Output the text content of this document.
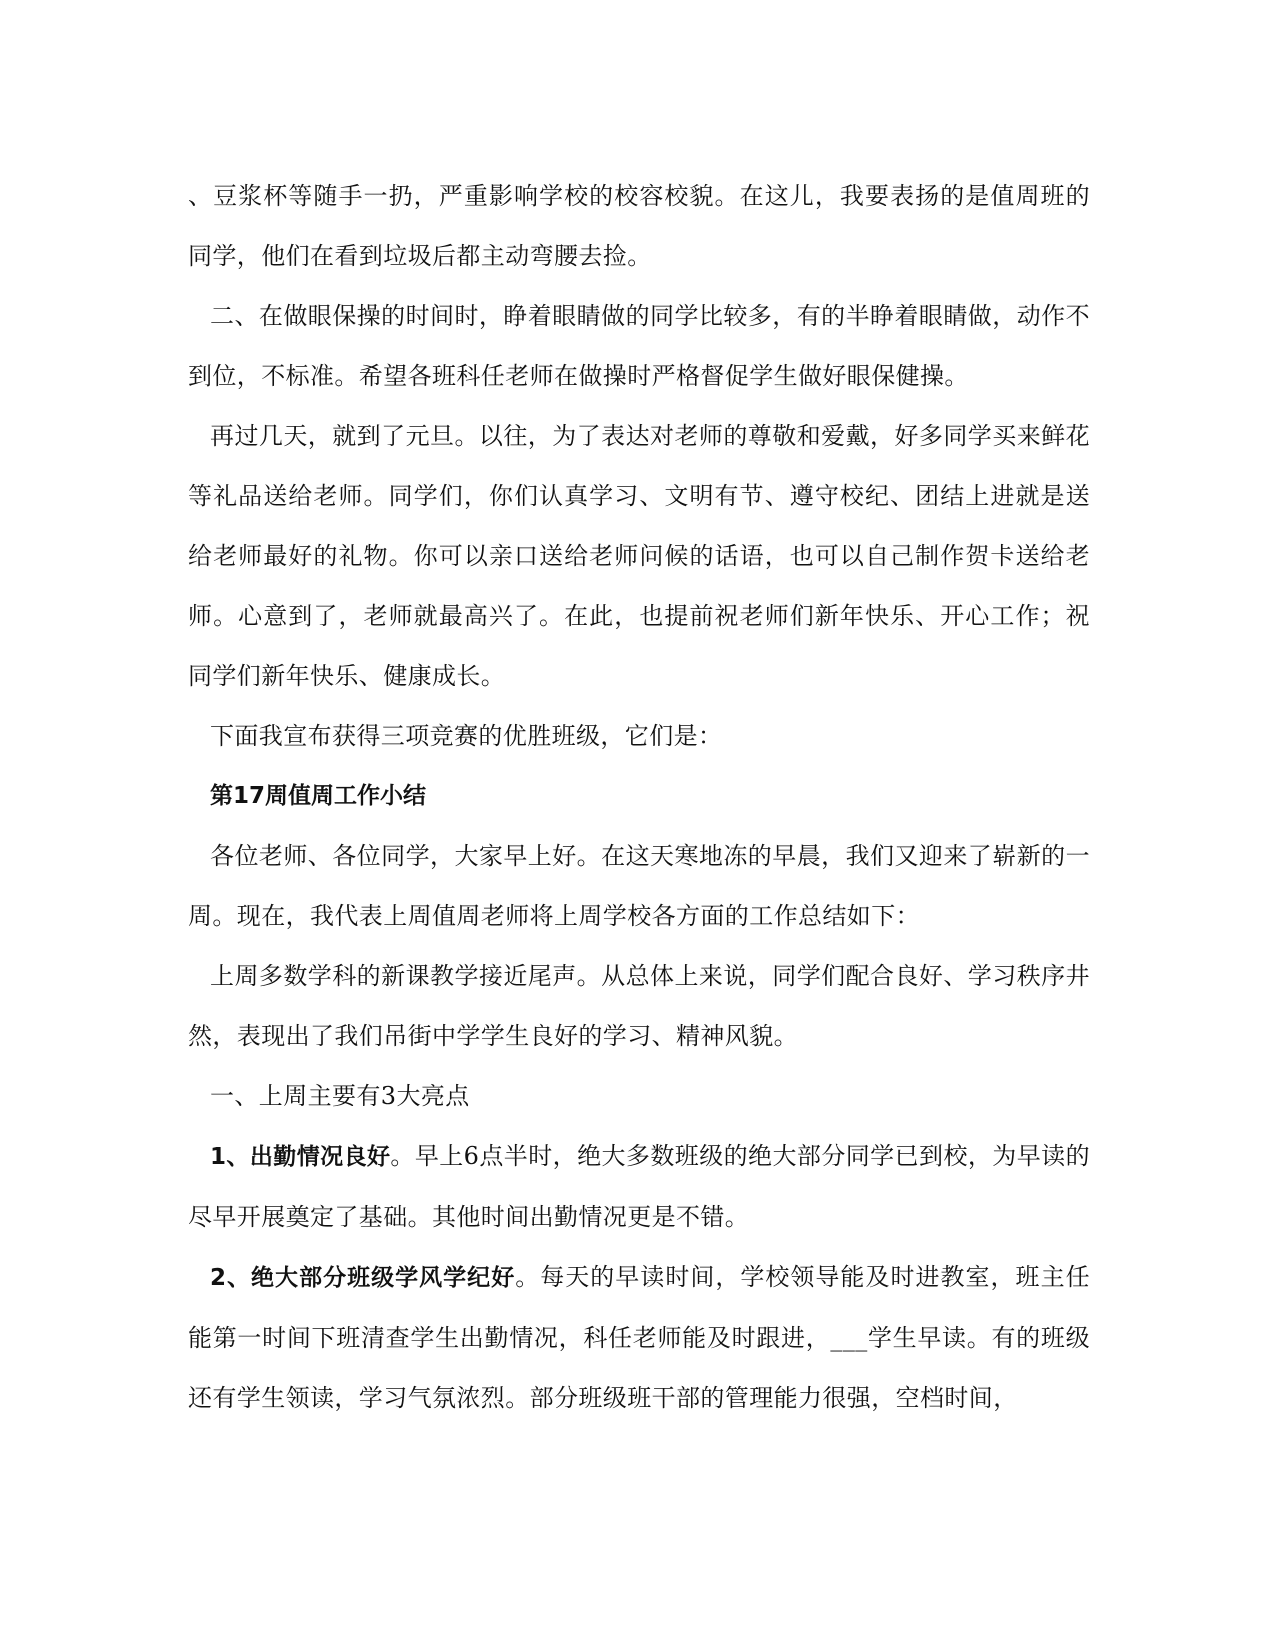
、豆浆杯等随手一扔，严重影响学校的校容校貌。在这儿，我要表扬的是值周班的同学，他们在看到垃圾后都主动弯腰去捡。

二、在做眼保操的时间时，睁着眼睛做的同学比较多，有的半睁着眼睛做，动作不到位，不标准。希望各班科任老师在做操时严格督促学生做好眼保健操。

再过几天，就到了元旦。以往，为了表达对老师的尊敬和爱戴，好多同学买来鲜花等礼品送给老师。同学们，你们认真学习、文明有节、遵守校纪、团结上进就是送给老师最好的礼物。你可以亲口送给老师问候的话语，也可以自己制作贺卡送给老师。心意到了，老师就最高兴了。在此，也提前祝老师们新年快乐、开心工作；祝同学们新年快乐、健康成长。

下面我宣布获得三项竞赛的优胜班级，它们是：

第17周值周工作小结

各位老师、各位同学，大家早上好。在这天寒地冻的早晨，我们又迎来了崭新的一周。现在，我代表上周值周老师将上周学校各方面的工作总结如下：

上周多数学科的新课教学接近尾声。从总体上来说，同学们配合良好、学习秩序井然，表现出了我们吊街中学学生良好的学习、精神风貌。

一、上周主要有3大亮点

1、出勤情况良好。早上6点半时，绝大多数班级的绝大部分同学已到校，为早读的尽早开展奠定了基础。其他时间出勤情况更是不错。

2、绝大部分班级学风学纪好。每天的早读时间，学校领导能及时进教室，班主任能第一时间下班清查学生出勤情况，科任老师能及时跟进，___学生早读。有的班级还有学生领读，学习气氛浓烈。部分班级班干部的管理能力很强，空档时间，
